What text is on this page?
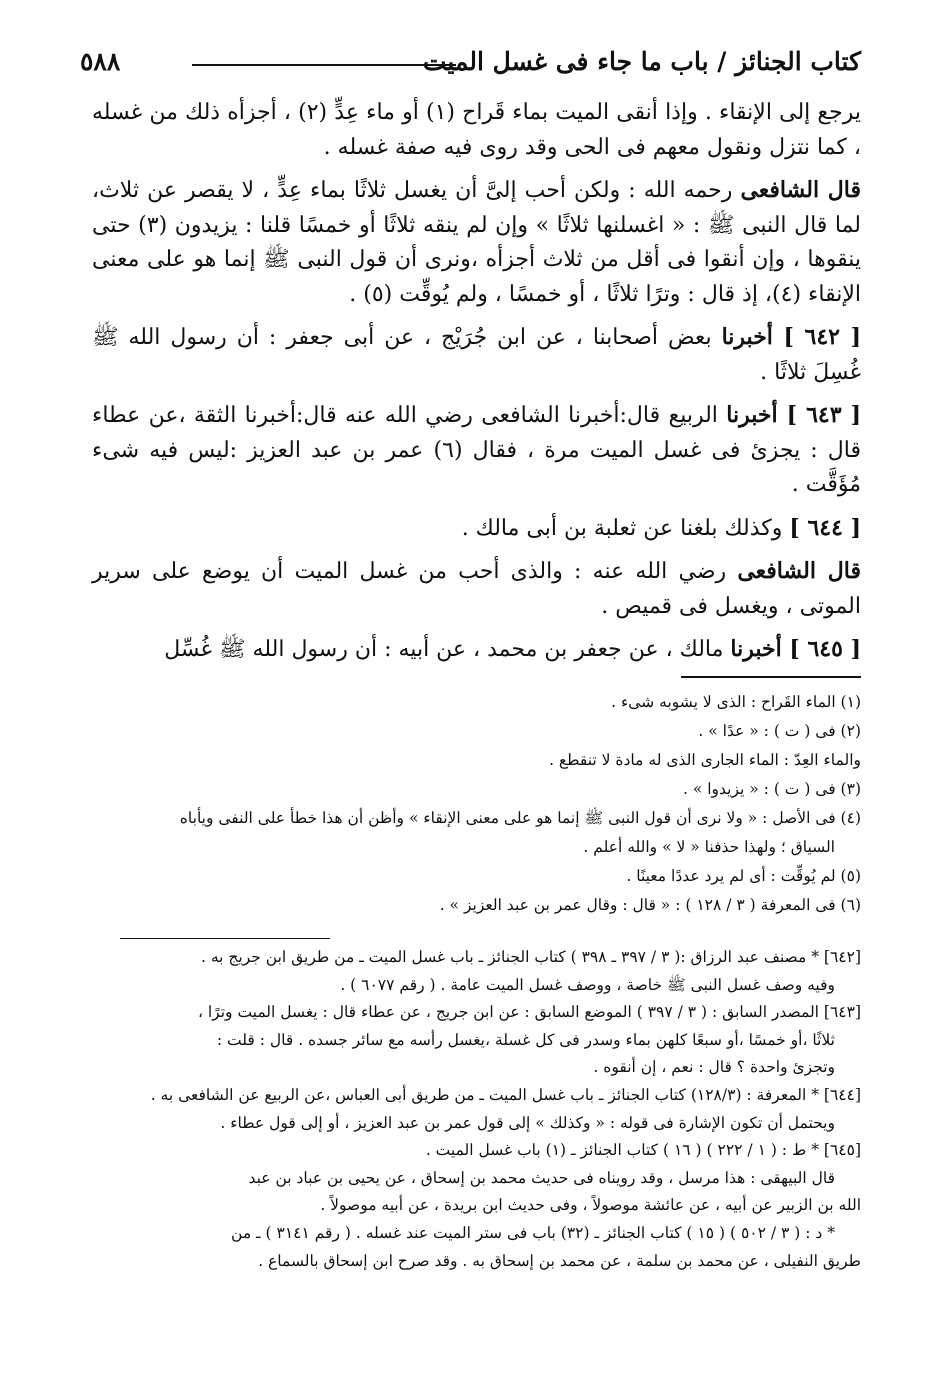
كتاب الجنائز / باب ما جاء فى غسل الميت
٥٨٨

يرجع إلى الإنقاء . وإذا أنقى الميت بماء قَراح (١) أو ماء عِدٍّ (٢) ، أجزأه ذلك من غسله ، كما نتزل ونقول معهم فى الحى وقد روى فيه صفة غسله .

قال الشافعى رحمه الله : ولكن أحب إلىَّ أن يغسل ثلاثًا بماء عِدٍّ ، لا يقصر عن ثلاث، لما قال النبى ﷺ : « اغسلنها ثلاثًا » وإن لم ينقه ثلاثًا أو خمسًا قلنا : يزيدون (٣) حتى ينقوها ، وإن أنقوا فى أقل من ثلاث أجزأه ،ونرى أن قول النبى ﷺ إنما هو على معنى الإنقاء (٤)، إذ قال : وترًا ثلاثًا ، أو خمسًا ، ولم يُوقِّت (٥) .

[ ٦٤٢ ] أخبرنا بعض أصحابنا ، عن ابن جُرَيْج ، عن أبى جعفر : أن رسول الله ﷺ غُسِلَ ثلاثًا .

[ ٦٤٣ ] أخبرنا الربيع قال:أخبرنا الشافعى رضي الله عنه قال:أخبرنا الثقة ،عن عطاء قال : يجزئ فى غسل الميت مرة ، فقال (٦) عمر بن عبد العزيز :ليس فيه شىء مُؤَقَّت .

[ ٦٤٤ ] وكذلك بلغنا عن ثعلبة بن أبى مالك .

قال الشافعى رضي الله عنه : والذى أحب من غسل الميت أن يوضع على سرير الموتى ، ويغسل فى قميص .

[ ٦٤٥ ] أخبرنا مالك ، عن جعفر بن محمد ، عن أبيه : أن رسول الله ﷺ غُسِّل

(١) الماء القَراح : الذى لا يشوبه شىء .

(٢) فى ( ت ) : « عدًا » .

والماء العِدّ : الماء الجارى الذى له مادة لا تنقطع .

(٣) فى ( ت ) : « يزيدوا » .

(٤) فى الأصل : « ولا نرى أن قول النبى ﷺ إنما هو على معنى الإنقاء » وأظن أن هذا خطأ على النفى ويأباه

السياق ؛ ولهذا حذفنا « لا » والله أعلم .

(٥) لم يُوقِّت : أى لم يرد عددًا معينًا .

(٦) فى المعرفة ( ٣ / ١٢٨ ) : « قال : وقال عمر بن عبد العزيز » .

[٦٤٢] * مصنف عبد الرزاق :( ٣ / ٣٩٧ ـ ٣٩٨ ) كتاب الجنائز ـ باب غسل الميت ـ من طريق ابن جريج به .

وفيه وصف غسل النبى ﷺ خاصة ، ووصف غسل الميت عامة . ( رقم ٦٠٧٧ ) .

[٦٤٣] المصدر السابق : ( ٣ / ٣٩٧ ) الموضع السابق : عن ابن جريج ، عن عطاء قال : يغسل الميت وترًا ،

ثلاثًا ،أو خمسًا ،أو سبعًا كلهن بماء وسدر فى كل غسلة ،يغسل رأسه مع سائر جسده . قال : قلت :

وتجزئ واحدة ؟ قال : نعم ، إن أنقوه .

[٦٤٤] * المعرفة : (١٢٨/٣) كتاب الجنائز ـ باب غسل الميت ـ من طريق أبى العباس ،عن الربيع عن الشافعى به .

ويحتمل أن تكون الإشارة فى قوله : « وكذلك » إلى قول عمر بن عبد العزيز ، أو إلى قول عطاء .

[٦٤٥] * ط : ( ١ / ٢٢٢ ) ( ١٦ ) كتاب الجنائز ـ (١) باب غسل الميت .

قال البيهقى : هذا مرسل ، وقد رويناه فى حديث محمد بن إسحاق ، عن يحيى بن عباد بن عبد

الله بن الزبير عن أبيه ، عن عائشة موصولاً ، وفى حديث ابن بريدة ، عن أبيه موصولاً .

* د : ( ٣ / ٥٠٢ ) ( ١٥ ) كتاب الجنائز ـ (٣٢) باب فى ستر الميت عند غسله . ( رقم ٣١٤١ ) ـ من

طريق النفيلى ، عن محمد بن سلمة ، عن محمد بن إسحاق به . وقد صرح ابن إسحاق بالسماع .
